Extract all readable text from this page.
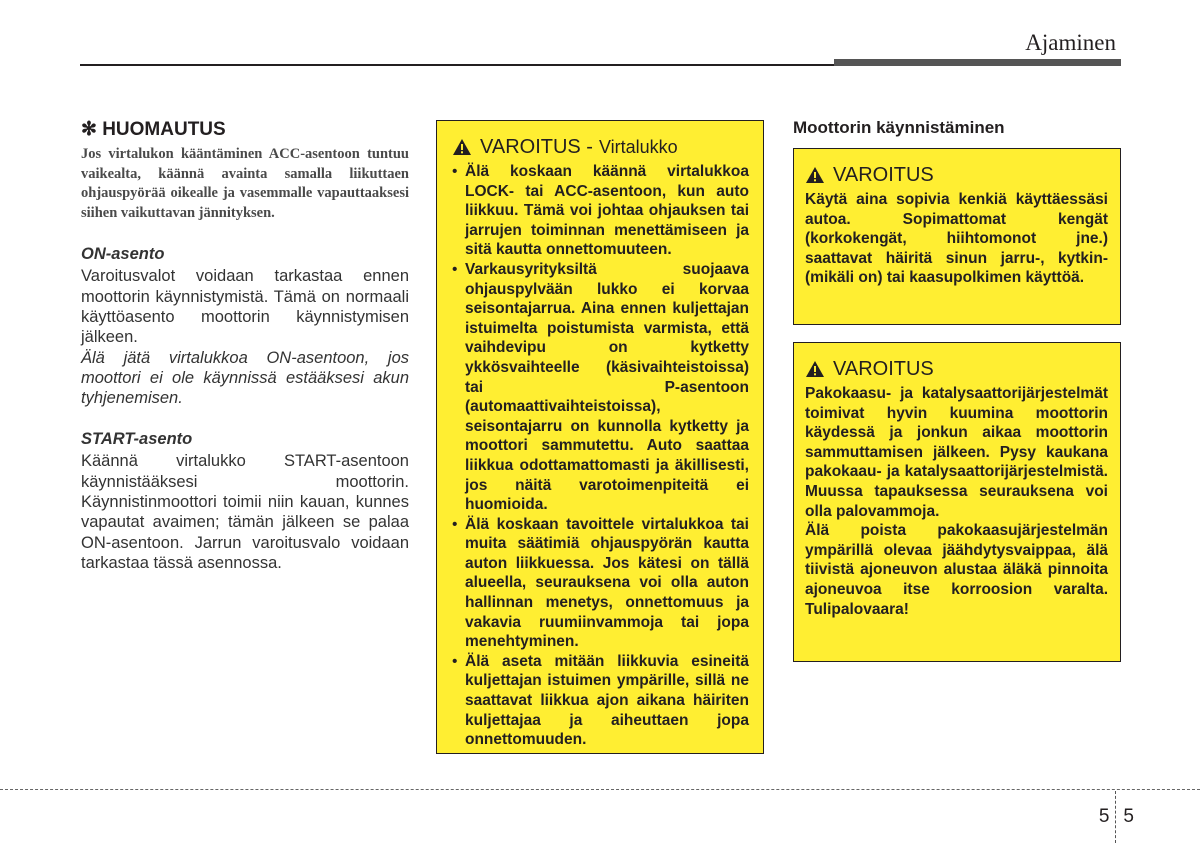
Ajaminen
✻ HUOMAUTUS

Jos virtalukon kääntäminen ACC-asentoon tuntuu vaikealta, käännä avainta samalla liikuttaen ohjauspyörää oikealle ja vasemmalle vapauttaaksesi siihen vaikuttavan jännityksen.

ON-asento

Varoitusvalot voidaan tarkastaa ennen moottorin käynnistymistä. Tämä on normaali käyttöasento moottorin käynnistymisen jälkeen.

Älä jätä virtalukkoa ON-asentoon, jos moottori ei ole käynnissä estääksesi akun tyhjenemisen.

START-asento

Käännä virtalukko START-asentoon käynnistääksesi moottorin. Käynnistinmoottori toimii niin kauan, kunnes vapautat avaimen; tämän jälkeen se palaa ON-asentoon. Jarrun varoitusvalo voidaan tarkastaa tässä asennossa.

VAROITUS - Virtalukko
• Älä koskaan käännä virtalukkoa LOCK- tai ACC-asentoon, kun auto liikkuu. Tämä voi johtaa ohjauksen tai jarrujen toiminnan menettämiseen ja sitä kautta onnettomuuteen.
• Varkausyrityksiltä suojaava ohjauspylvään lukko ei korvaa seisontajarrua. Aina ennen kuljettajan istuimelta poistumista varmista, että vaihdevipu on kytketty ykkösvaihteelle (käsivaihteistoissa) tai P-asentoon (automaattivaihteistoissa), seisontajarru on kunnolla kytketty ja moottori sammutettu. Auto saattaa liikkua odottamattomasti ja äkillisesti, jos näitä varotoimenpiteitä ei huomioida.
• Älä koskaan tavoittele virtalukkoa tai muita säätimiä ohjauspyörän kautta auton liikkuessa. Jos kätesi on tällä alueella, seurauksena voi olla auton hallinnan menetys, onnettomuus ja vakavia ruumiinvammoja tai jopa menehtyminen.
• Älä aseta mitään liikkuvia esineitä kuljettajan istuimen ympärille, sillä ne saattavat liikkua ajon aikana häiriten kuljettajaa ja aiheuttaen jopa onnettomuuden.
Moottorin käynnistäminen
VAROITUS

Käytä aina sopivia kenkiä käyttäessäsi autoa. Sopimattomat kengät (korkokengät, hiihtomonot jne.) saattavat häiritä sinun jarru-, kytkin- (mikäli on) tai kaasupolkimen käyttöä.

VAROITUS

Pakokaasu- ja katalysaattorijärjestelmät toimivat hyvin kuumina moottorin käydessä ja jonkun aikaa moottorin sammuttamisen jälkeen. Pysy kaukana pakokaau- ja katalysaattorijärjestelmistä. Muussa tapauksessa seurauksena voi olla palovammoja.

Älä poista pakokaasujärjestelmän ympärillä olevaa jäähdytysvaippaa, älä tiivistä ajoneuvon alustaa äläkä pinnoita ajoneuvoa itse korroosion varalta. Tulipalovaara!

5 5
